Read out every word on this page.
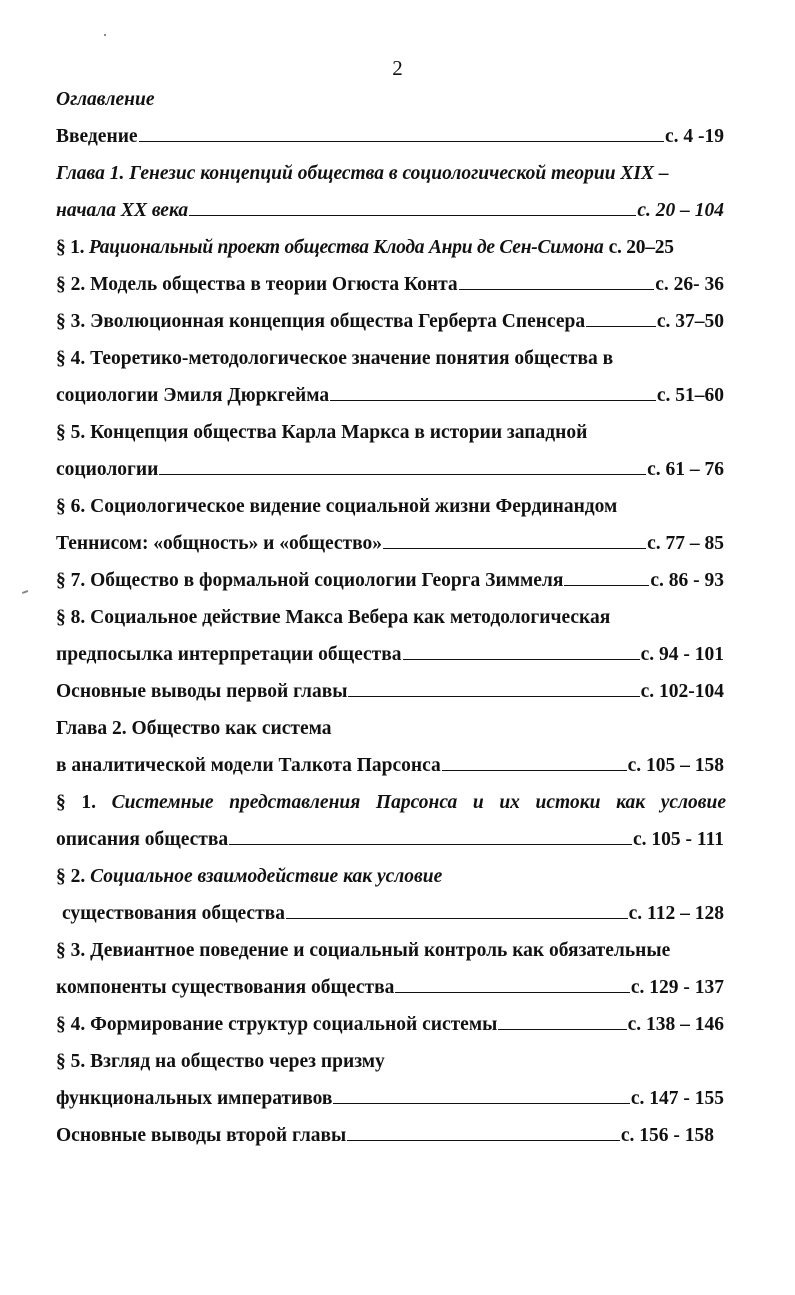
2
Оглавление
Введение	с. 4 -19
Глава 1. Генезис концепций общества в социологической теории XIX –
начала XX века	с. 20 – 104
§ 1. Рациональный проект общества Клода Анри де Сен-Симона с. 20–25
§ 2. Модель общества в теории Огюста Конта	с. 26- 36
§ 3. Эволюционная концепция общества Герберта Спенсера	с. 37–50
§ 4. Теоретико-методологическое значение понятия общества в
социологии Эмиля Дюркгейма	с. 51–60
§ 5. Концепция общества Карла Маркса в истории западной
социологии	с. 61 – 76
§ 6. Социологическое видение социальной жизни Фердинандом
Теннисом: «общность» и «общество»	с. 77 – 85
§ 7. Общество в формальной социологии Георга Зиммеля	с. 86 - 93
§ 8. Социальное действие Макса Вебера как методологическая
предпосылка интерпретации общества	с. 94 - 101
Основные выводы первой главы	с. 102-104
Глава 2. Общество как система
в аналитической модели Талкота Парсонса	с. 105 – 158
§ 1. Системные представления Парсонса и их истоки как условие
описания общества	с. 105 - 111
§ 2. Социальное взаимодействие как условие
существования общества	с. 112 – 128
§ 3. Девиантное поведение и социальный контроль как обязательные
компоненты существования общества	с. 129 - 137
§ 4. Формирование структур социальной системы	с. 138 – 146
§ 5. Взгляд на общество через призму
функциональных императивов	с. 147 - 155
Основные выводы второй главы	с. 156 - 158
